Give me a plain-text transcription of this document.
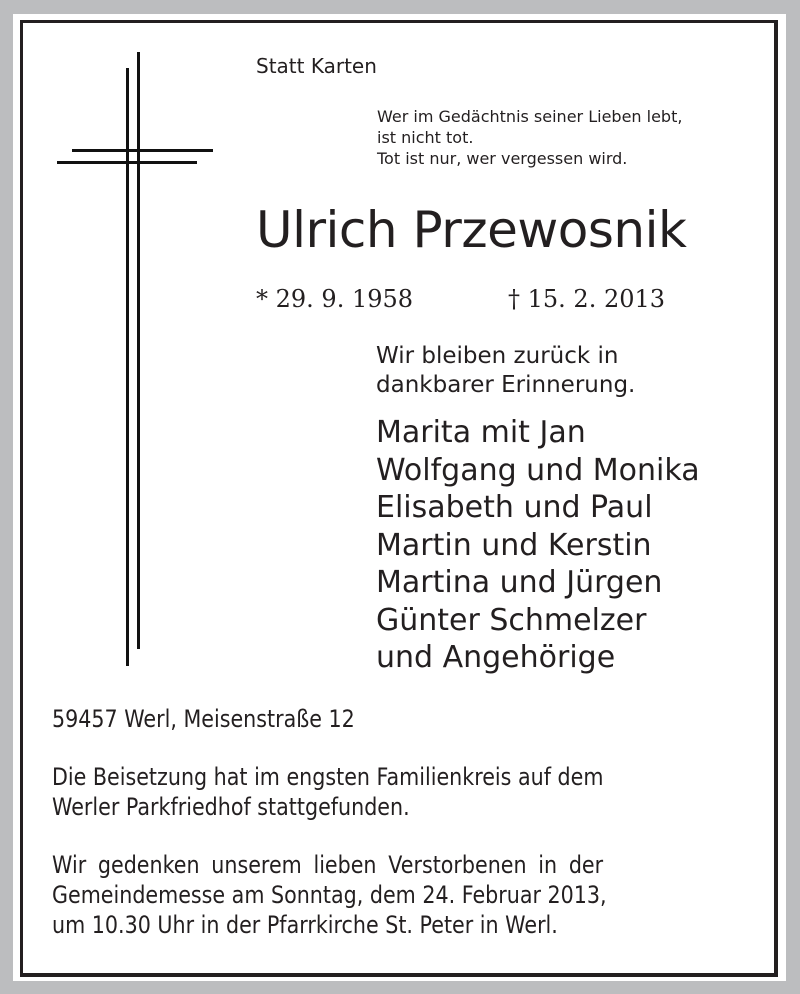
Statt Karten
Wer im Gedächtnis seiner Lieben lebt,
ist nicht tot.
Tot ist nur, wer vergessen wird.
Ulrich Przewosnik
* 29. 9. 1958	† 15. 2. 2013
Wir bleiben zurück in
dankbarer Erinnerung.
Marita mit Jan
Wolfgang und Monika
Elisabeth und Paul
Martin und Kerstin
Martina und Jürgen
Günter Schmelzer
und Angehörige
59457 Werl, Meisenstraße 12
Die Beisetzung hat im engsten Familienkreis auf dem
Werler Parkfriedhof stattgefunden.
Wir gedenken unserem lieben Verstorbenen in der
Gemeindemesse am Sonntag, dem 24. Februar 2013,
um 10.30 Uhr in der Pfarrkirche St. Peter in Werl.
